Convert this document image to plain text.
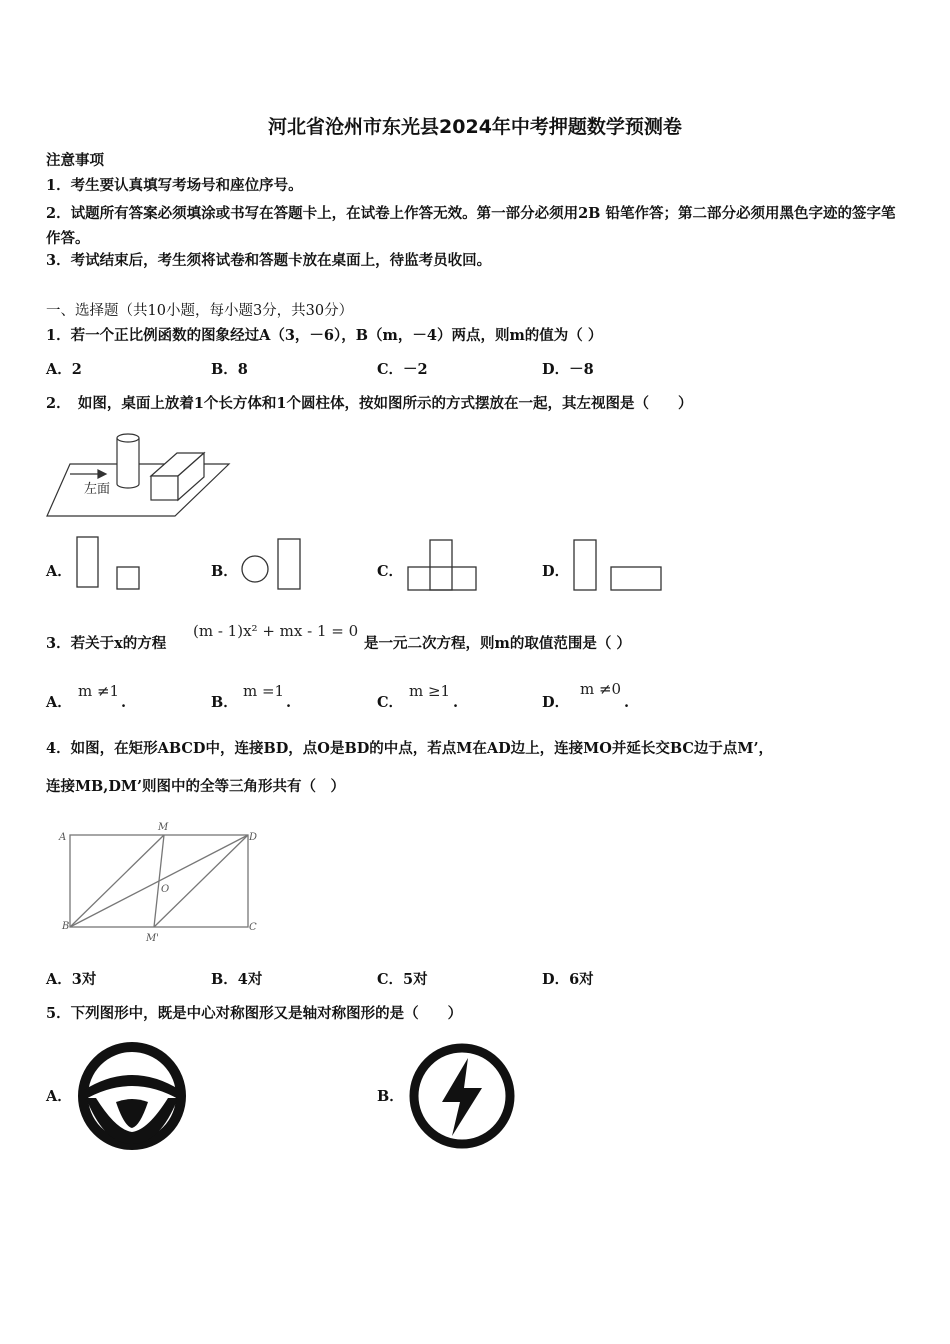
河北省沧州市东光县2024年中考押题数学预测卷
注意事项
1．考生要认真填写考场号和座位序号。
2．试题所有答案必须填涂或书写在答题卡上，在试卷上作答无效。第一部分必须用2B 铅笔作答；第二部分必须用黑色字迹的签字笔作答。
3．考试结束后，考生须将试卷和答题卡放在桌面上，待监考员收回。
一、选择题（共10小题，每小题3分，共30分）
1．若一个正比例函数的图象经过A（3，－6），B（m，－4）两点，则m的值为（ ）
A．2	B．8	C．－2	D．－8
2．　如图，桌面上放着1个长方体和1个圆柱体，按如图所示的方式摆放在一起，其左视图是（　　）
左面
A．	B．	C．	D．
3．若关于x的方程
(m - 1)x² + mx - 1 = 0
是一元二次方程，则m的取值范围是（ ）
A．
m ≠1
.	B．
m =1
.	C．
m ≥1
.	D．
m ≠0
.
4．如图，在矩形ABCD中，连接BD，点O是BD的中点，若点M在AD边上，连接MO并延长交BC边于点M’，
连接MB,DM’则图中的全等三角形共有（　）
A
M
D
O
B
M'
C
A．3对	B．4对	C．5对	D．6对
5．下列图形中，既是中心对称图形又是轴对称图形的是（　　）
A．	B．
